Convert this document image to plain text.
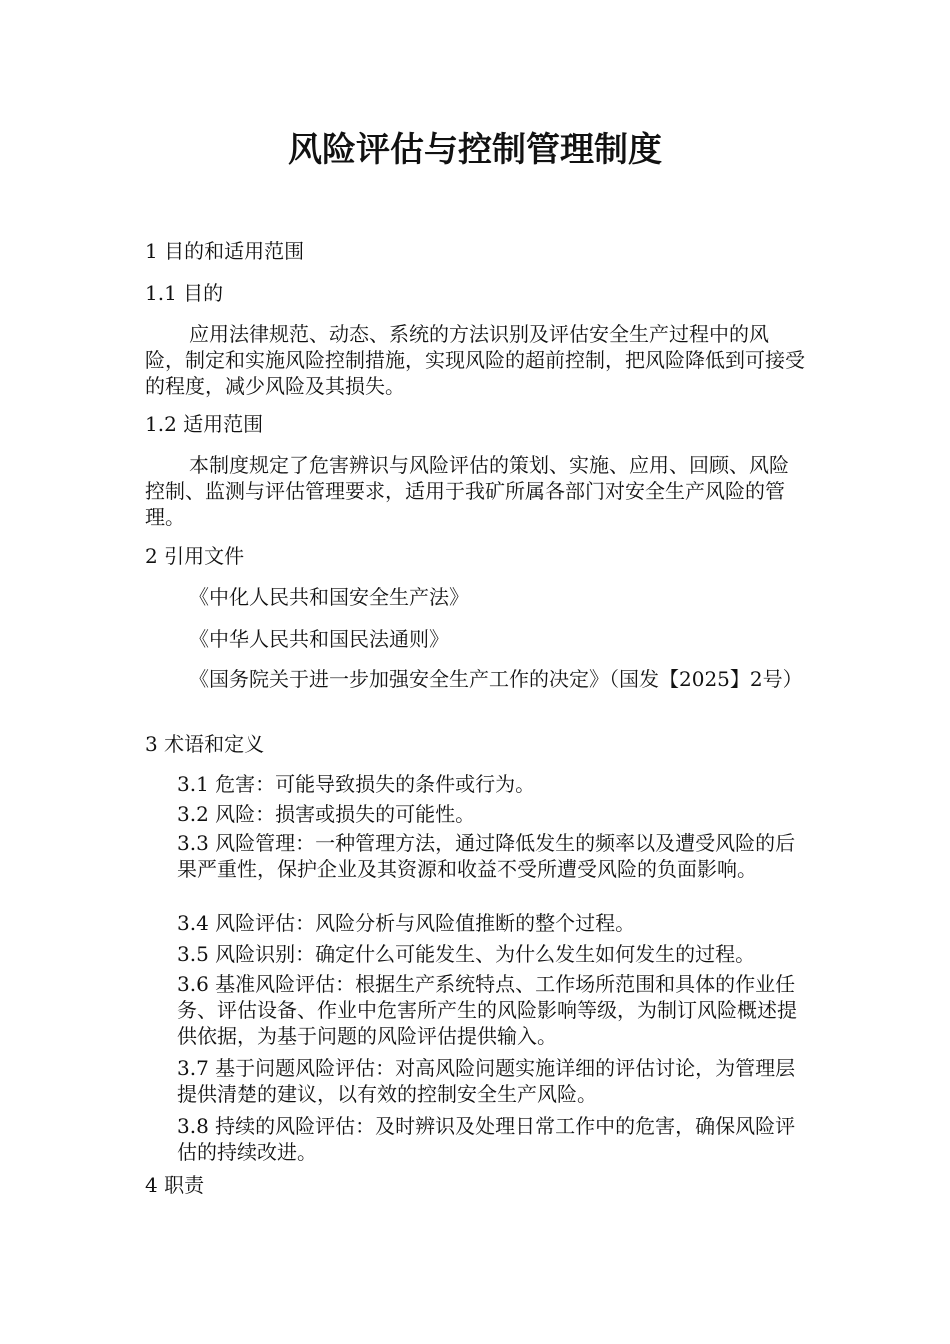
风险评估与控制管理制度

1 目的和适用范围

1.1 目的

应用法律规范、动态、系统的方法识别及评估安全生产过程中的风险，制定和实施风险控制措施，实现风险的超前控制，把风险降低到可接受的程度，减少风险及其损失。

1.2 适用范围

本制度规定了危害辨识与风险评估的策划、实施、应用、回顾、风险控制、监测与评估管理要求，适用于我矿所属各部门对安全生产风险的管理。

2 引用文件

《中化人民共和国安全生产法》

《中华人民共和国民法通则》

《国务院关于进一步加强安全生产工作的决定》（国发【2025】2号）

3 术语和定义

3.1 危害：可能导致损失的条件或行为。

3.2 风险：损害或损失的可能性。

3.3 风险管理：一种管理方法，通过降低发生的频率以及遭受风险的后果严重性，保护企业及其资源和收益不受所遭受风险的负面影响。

3.4 风险评估：风险分析与风险值推断的整个过程。

3.5 风险识别：确定什么可能发生、为什么发生如何发生的过程。

3.6 基准风险评估：根据生产系统特点、工作场所范围和具体的作业任务、评估设备、作业中危害所产生的风险影响等级，为制订风险概述提供依据，为基于问题的风险评估提供输入。

3.7 基于问题风险评估：对高风险问题实施详细的评估讨论，为管理层提供清楚的建议，以有效的控制安全生产风险。

3.8 持续的风险评估：及时辨识及处理日常工作中的危害，确保风险评估的持续改进。

4 职责
